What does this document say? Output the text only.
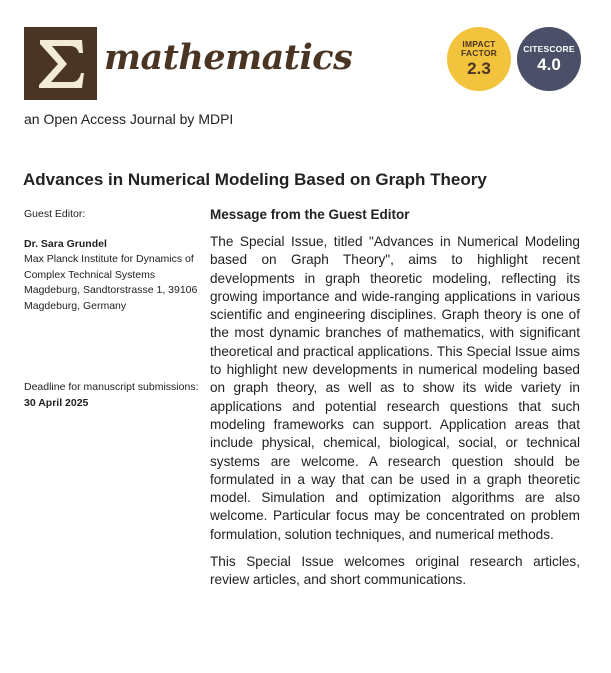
mathematics
an Open Access Journal by MDPI
IMPACT
FACTOR
2.3
CITESCORE
4.0
Advances in Numerical Modeling Based on Graph Theory
Guest Editor:
Dr. Sara Grundel
Max Planck Institute for Dynamics of Complex Technical Systems Magdeburg, Sandtorstrasse 1, 39106 Magdeburg, Germany
Deadline for manuscript submissions:
30 April 2025
Message from the Guest Editor

The Special Issue, titled "Advances in Numerical Modeling based on Graph Theory", aims to highlight recent developments in graph theoretic modeling, reflecting its growing importance and wide-ranging applications in various scientific and engineering disciplines. Graph theory is one of the most dynamic branches of mathematics, with significant theoretical and practical applications. This Special Issue aims to highlight new developments in numerical modeling based on graph theory, as well as to show its wide variety in applications and potential research questions that such modeling frameworks can support. Application areas that include physical, chemical, biological, social, or technical systems are welcome. A research question should be formulated in a way that can be used in a graph theoretic model. Simulation and optimization algorithms are also welcome. Particular focus may be concentrated on problem formulation, solution techniques, and numerical methods.

This Special Issue welcomes original research articles, review articles, and short communications.
